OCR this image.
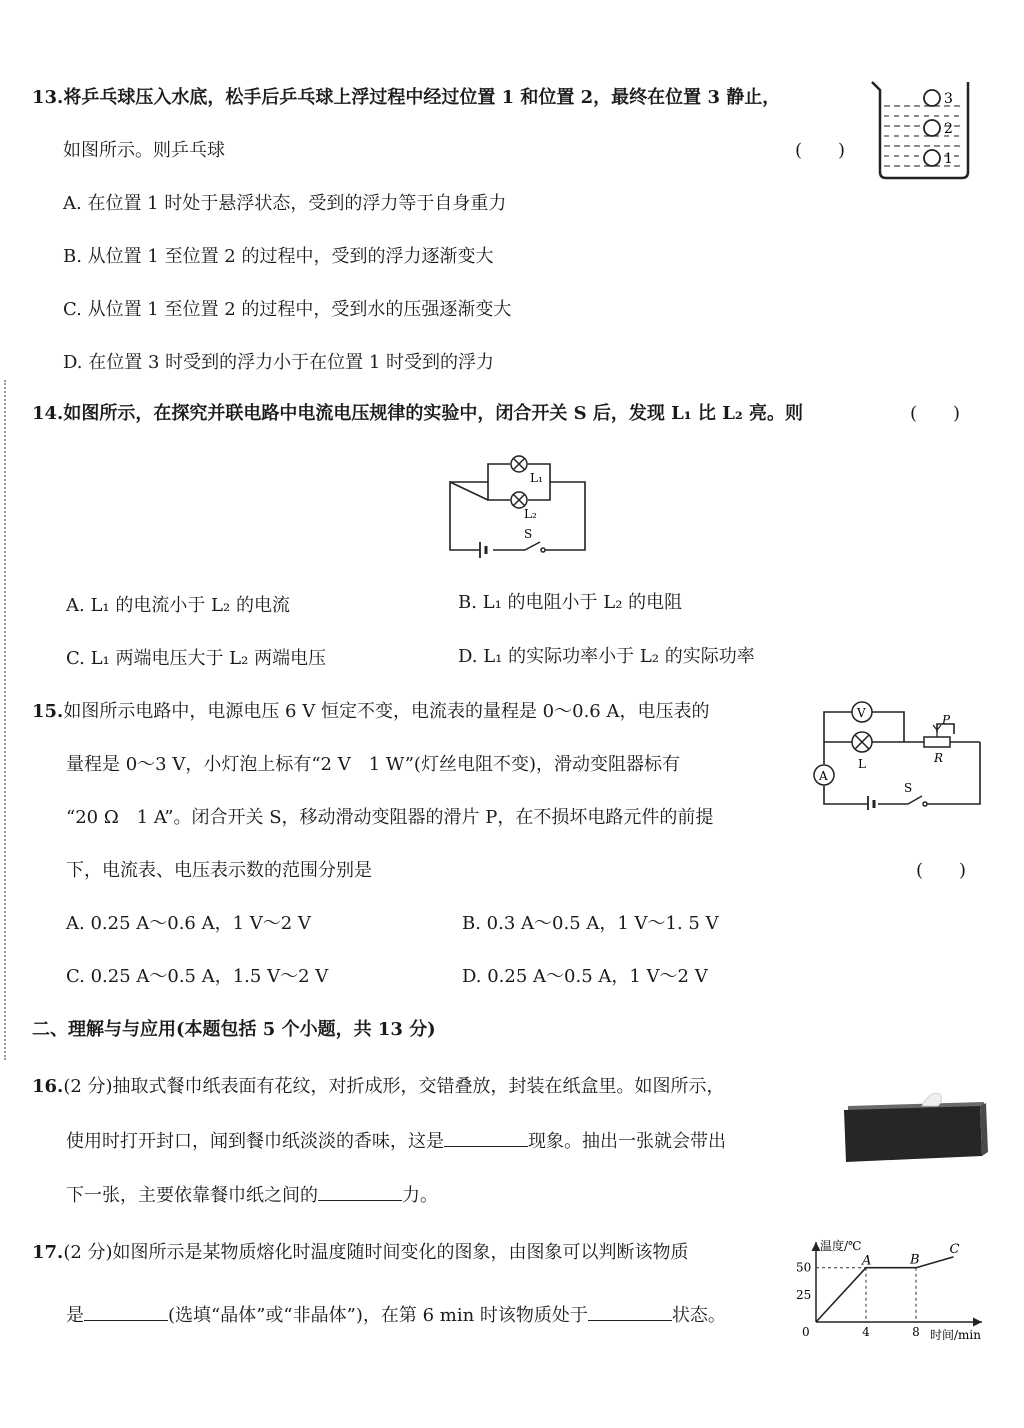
13.将乒乓球压入水底，松手后乒乓球上浮过程中经过位置 1 和位置 2，最终在位置 3 静止，
如图所示。则乒乓球	(　　)
A. 在位置 1 时处于悬浮状态，受到的浮力等于自身重力
B. 从位置 1 至位置 2 的过程中，受到的浮力逐渐变大
C. 从位置 1 至位置 2 的过程中，受到水的压强逐渐变大
D. 在位置 3 时受到的浮力小于在位置 1 时受到的浮力
3
2
1
14.如图所示，在探究并联电路中电流电压规律的实验中，闭合开关 S 后，发现 L₁ 比 L₂ 亮。则	(　　)
L₁
L₂
S
A. L₁ 的电流小于 L₂ 的电流	B. L₁ 的电阻小于 L₂ 的电阻
C. L₁ 两端电压大于 L₂ 两端电压	D. L₁ 的实际功率小于 L₂ 的实际功率
15.如图所示电路中，电源电压 6 V 恒定不变，电流表的量程是 0～0.6 A，电压表的
量程是 0～3 V，小灯泡上标有“2 V　1 W”(灯丝电阻不变)，滑动变阻器标有
“20 Ω　1 A”。闭合开关 S，移动滑动变阻器的滑片 P，在不损坏电路元件的前提
下，电流表、电压表示数的范围分别是	(　　)
A. 0.25 A～0.6 A，1 V～2 V	B. 0.3 A～0.5 A，1 V～1. 5 V
C. 0.25 A～0.5 A，1.5 V～2 V	D. 0.25 A～0.5 A，1 V～2 V
V
L
P
R
A
S
二、理解与与应用(本题包括 5 个小题，共 13 分)
16.(2 分)抽取式餐巾纸表面有花纹，对折成形，交错叠放，封装在纸盒里。如图所示，
使用时打开封口，闻到餐巾纸淡淡的香味，这是	现象。抽出一张就会带出
下一张，主要依靠餐巾纸之间的	力。
17.(2 分)如图所示是某物质熔化时温度随时间变化的图象，由图象可以判断该物质
是	(选填“晶体”或“非晶体”)，在第 6 min 时该物质处于	状态。
温度/℃
时间/min
0	4	8
25
50	A	B
C
